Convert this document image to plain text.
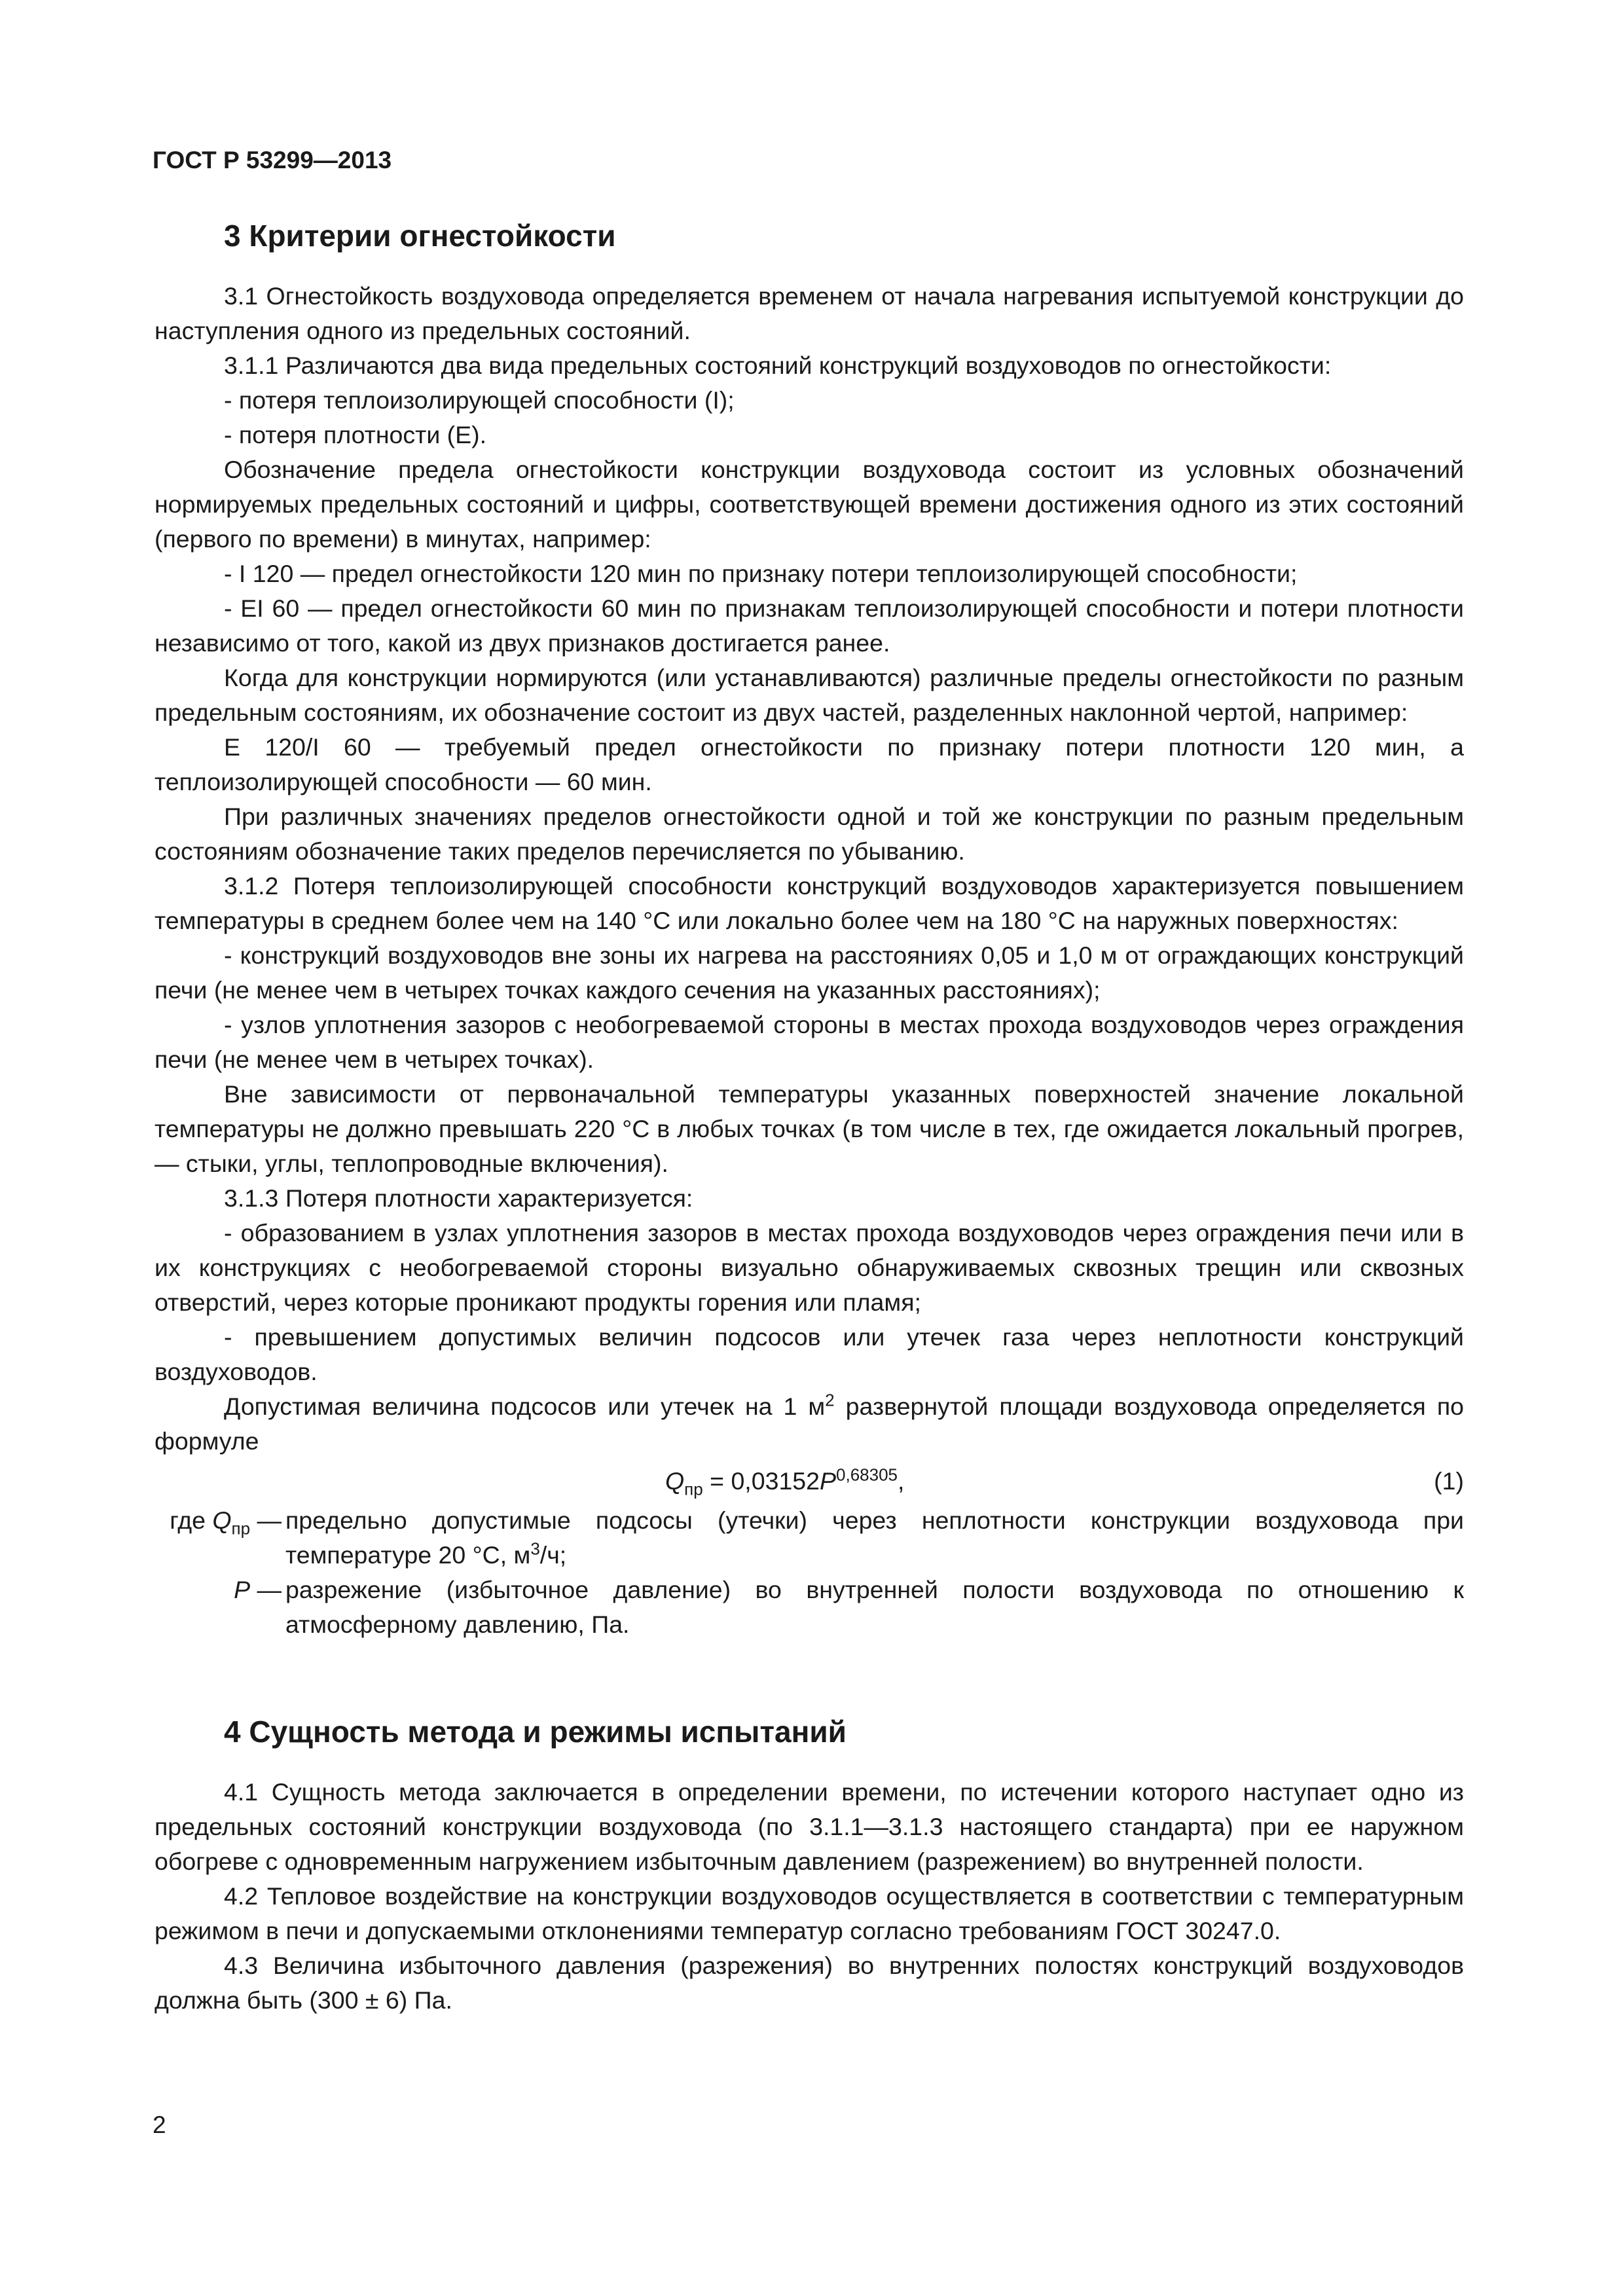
ГОСТ Р 53299—2013
3 Критерии огнестойкости

3.1 Огнестойкость воздуховода определяется временем от начала нагревания испытуемой конструкции до наступления одного из предельных состояний.

3.1.1 Различаются два вида предельных состояний конструкций воздуховодов по огнестойкости:

- потеря теплоизолирующей способности (I);

- потеря плотности (E).

Обозначение предела огнестойкости конструкции воздуховода состоит из условных обозначений нормируемых предельных состояний и цифры, соответствующей времени достижения одного из этих состояний (первого по времени) в минутах, например:

- I 120 — предел огнестойкости 120 мин по признаку потери теплоизолирующей способности;

- EI 60 — предел огнестойкости 60 мин по признакам теплоизолирующей способности и потери плотности независимо от того, какой из двух признаков достигается ранее.

Когда для конструкции нормируются (или устанавливаются) различные пределы огнестойкости по разным предельным состояниям, их обозначение состоит из двух частей, разделенных наклонной чертой, например:

E 120/I 60 — требуемый предел огнестойкости по признаку потери плотности 120 мин, а теплоизолирующей способности — 60 мин.

При различных значениях пределов огнестойкости одной и той же конструкции по разным предельным состояниям обозначение таких пределов перечисляется по убыванию.

3.1.2 Потеря теплоизолирующей способности конструкций воздуховодов характеризуется повышением температуры в среднем более чем на 140 °С или локально более чем на 180 °С на наружных поверхностях:

- конструкций воздуховодов вне зоны их нагрева на расстояниях 0,05 и 1,0 м от ограждающих конструкций печи (не менее чем в четырех точках каждого сечения на указанных расстояниях);

- узлов уплотнения зазоров с необогреваемой стороны в местах прохода воздуховодов через ограждения печи (не менее чем в четырех точках).

Вне зависимости от первоначальной температуры указанных поверхностей значение локальной температуры не должно превышать 220 °С в любых точках (в том числе в тех, где ожидается локальный прогрев, — стыки, углы, теплопроводные включения).

3.1.3 Потеря плотности характеризуется:

- образованием в узлах уплотнения зазоров в местах прохода воздуховодов через ограждения печи или в их конструкциях с необогреваемой стороны визуально обнаруживаемых сквозных трещин или сквозных отверстий, через которые проникают продукты горения или пламя;

- превышением допустимых величин подсосов или утечек газа через неплотности конструкций воздуховодов.

Допустимая величина подсосов или утечек на 1 $м^2$ развернутой площади воздуховода определяется по формуле

$Q_{пр} = 0,03152P^{0,68305}$,	(1)
где $Q_{пр}$ — предельно допустимые подсосы (утечки) через неплотности конструкции воздуховода при температуре 20 °С, $м^3/ч$;
P — разрежение (избыточное давление) во внутренней полости воздуховода по отношению к атмосферному давлению, Па.
4 Сущность метода и режимы испытаний

4.1 Сущность метода заключается в определении времени, по истечении которого наступает одно из предельных состояний конструкции воздуховода (по 3.1.1—3.1.3 настоящего стандарта) при ее наружном обогреве с одновременным нагружением избыточным давлением (разрежением) во внутренней полости.

4.2 Тепловое воздействие на конструкции воздуховодов осуществляется в соответствии с температурным режимом в печи и допускаемыми отклонениями температур согласно требованиям ГОСТ 30247.0.

4.3 Величина избыточного давления (разрежения) во внутренних полостях конструкций воздуховодов должна быть (300 ± 6) Па.

2
